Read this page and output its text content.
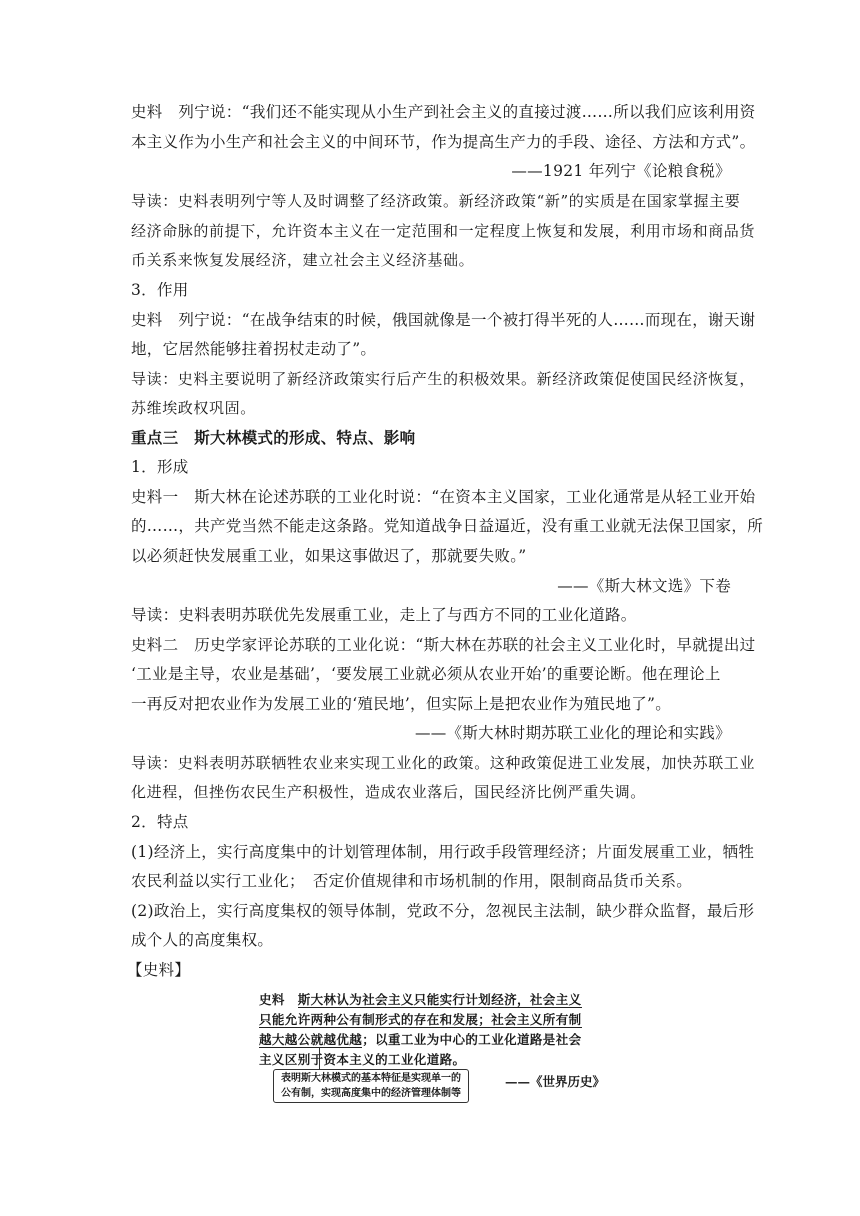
史料　列宁说：“我们还不能实现从小生产到社会主义的直接过渡……所以我们应该利用资
本主义作为小生产和社会主义的中间环节，作为提高生产力的手段、途径、方法和方式”。
——1921 年列宁《论粮食税》
导读：史料表明列宁等人及时调整了经济政策。新经济政策“新”的实质是在国家掌握主要
经济命脉的前提下，允许资本主义在一定范围和一定程度上恢复和发展，利用市场和商品货
币关系来恢复发展经济，建立社会主义经济基础。
3．作用
史料　列宁说：“在战争结束的时候，俄国就像是一个被打得半死的人……而现在，谢天谢
地，它居然能够拄着拐杖走动了”。
导读：史料主要说明了新经济政策实行后产生的积极效果。新经济政策促使国民经济恢复，
苏维埃政权巩固。
重点三　斯大林模式的形成、特点、影响
1．形成
史料一　斯大林在论述苏联的工业化时说：“在资本主义国家，工业化通常是从轻工业开始
的……，共产党当然不能走这条路。党知道战争日益逼近，没有重工业就无法保卫国家，所
以必须赶快发展重工业，如果这事做迟了，那就要失败。”
——《斯大林文选》下卷
导读：史料表明苏联优先发展重工业，走上了与西方不同的工业化道路。
史料二　历史学家评论苏联的工业化说：“斯大林在苏联的社会主义工业化时，早就提出过
‘工业是主导，农业是基础’，‘要发展工业就必须从农业开始’的重要论断。他在理论上
一再反对把农业作为发展工业的‘殖民地’，但实际上是把农业作为殖民地了”。
——《斯大林时期苏联工业化的理论和实践》
导读：史料表明苏联牺牲农业来实现工业化的政策。这种政策促进工业发展，加快苏联工业
化进程，但挫伤农民生产积极性，造成农业落后，国民经济比例严重失调。
2．特点
(1)经济上，实行高度集中的计划管理体制，用行政手段管理经济；片面发展重工业，牺牲
农民利益以实行工业化；　否定价值规律和市场机制的作用，限制商品货币关系。
(2)政治上，实行高度集权的领导体制，党政不分，忽视民主法制，缺少群众监督，最后形
成个人的高度集权。
【史料】
史料　斯大林认为社会主义只能实行计划经济，社会主义
只能允许两种公有制形式的存在和发展；社会主义所有制
越大越公就越优越；以重工业为中心的工业化道路是社会
主义区别于资本主义的工业化道路。
表明斯大林模式的基本特征是实现单一的
公有制，实现高度集中的经济管理体制等
——《世界历史》
